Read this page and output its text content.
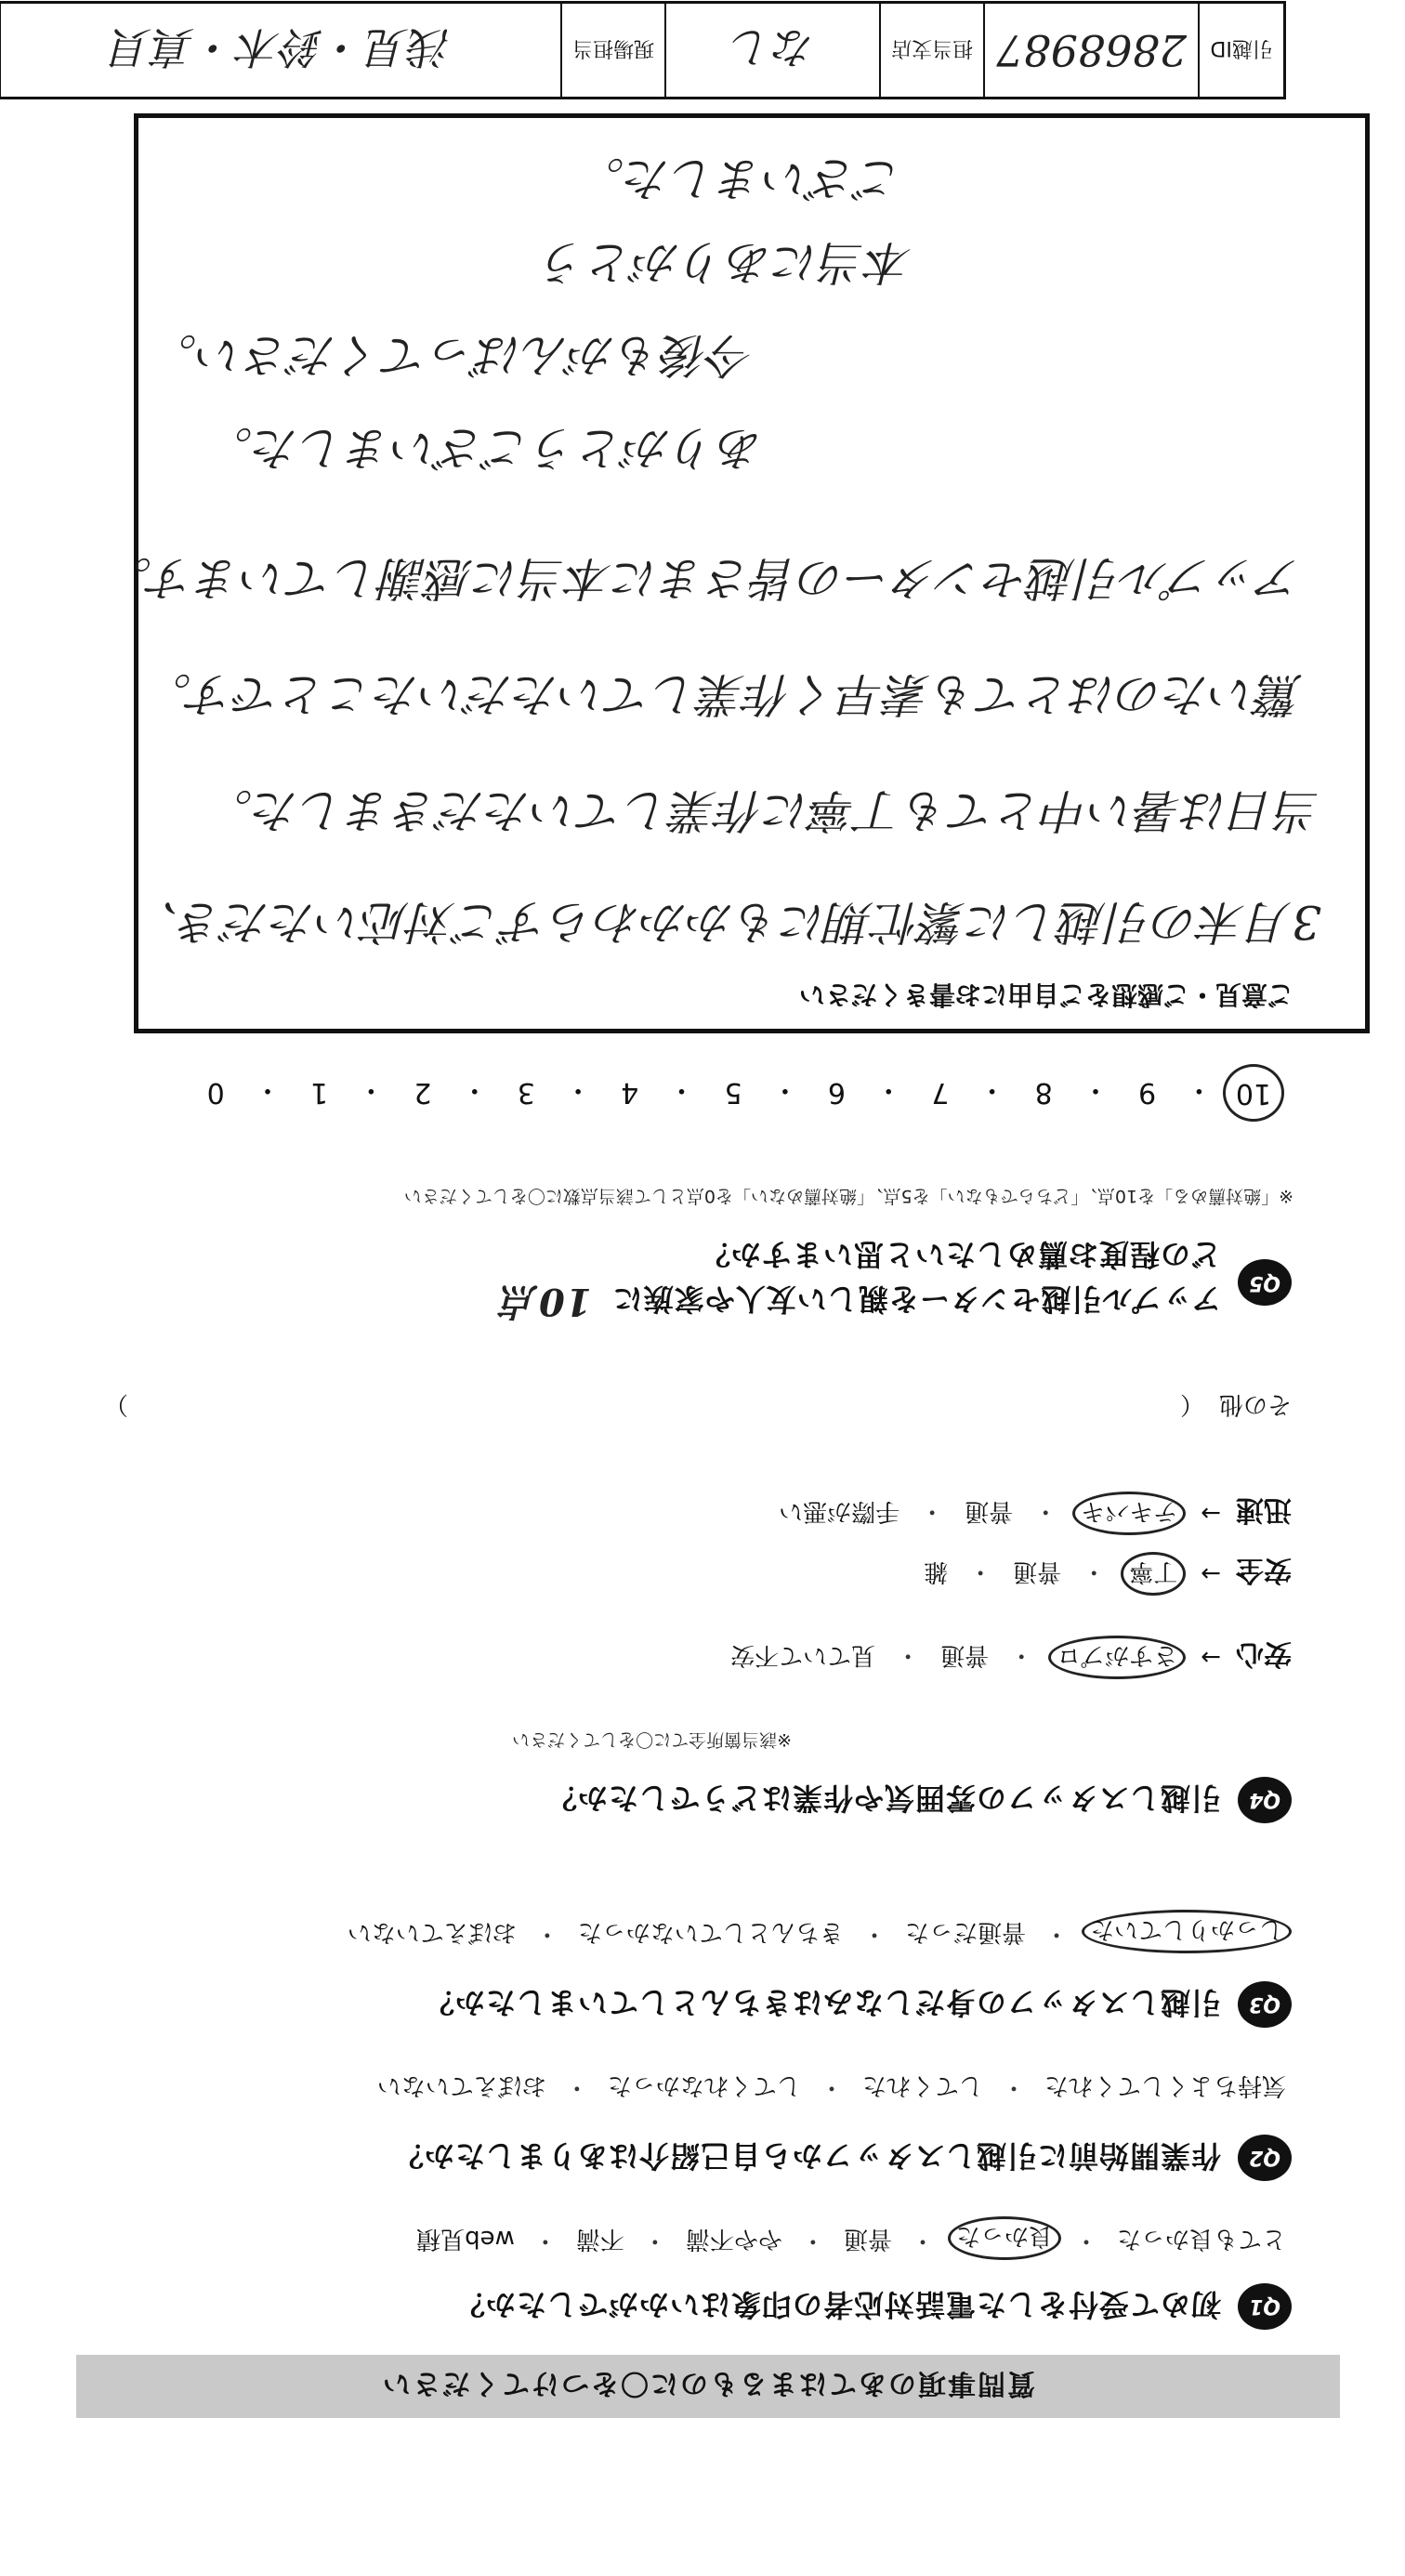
引越ID
2868987
担当支店
なし
現場担当
浅見・鈴木・真貝
質問事項のあてはまるものに〇をつけてください
Q1
初めて受付をした電話対応者の印象はいかがでしたか？
とても良かった
・
良かった
・
普通
・
やや不満
・
不満
・
web見積
Q2
作業開始前に引越しスタッフから自己紹介はありましたか？
気持ちよくしてくれた
・
してくれた
・
してくれなかった
・
おぼえていない
Q3
引越しスタッフの身だしなみはきちんとしていましたか？
しっかりしていた
・
普通だった
・
きちんとしていなかった
・
おぼえていない
Q4
引越しスタッフの雰囲気や作業はどうでしたか？
※該当箇所全てに〇をしてください
安心
→
さすがプロ
・
普通
・
見ていて不安
安全
→
丁寧
・
普通
・
雑
迅速
→
テキパキ
・
普通
・
手際が悪い
その他
（
）
Q5
アップル引越センターを親しい友人や家族に 10点
どの程度お薦めしたいと思いますか？
※「絶対薦める」を10点、「どちらでもない」を5点、「絶対薦めない」を0点として該当点数に〇をしてください
10
・
9
・
8
・
7
・
6
・
5
・
4
・
3
・
2
・
1
・
0
ご意見・ご感想をご自由にお書きください
3月末の引越しに繁忙期にもかかわらずご対応いただき、
当日は暑い中とても丁寧に作業していただきました。
驚いたのはとても素早く作業していただいたことです。
アップル引越センターの皆さまに本当に感謝しています。
ありがとうございました。
今後もがんばってください。
本当にありがとう
ございました。
